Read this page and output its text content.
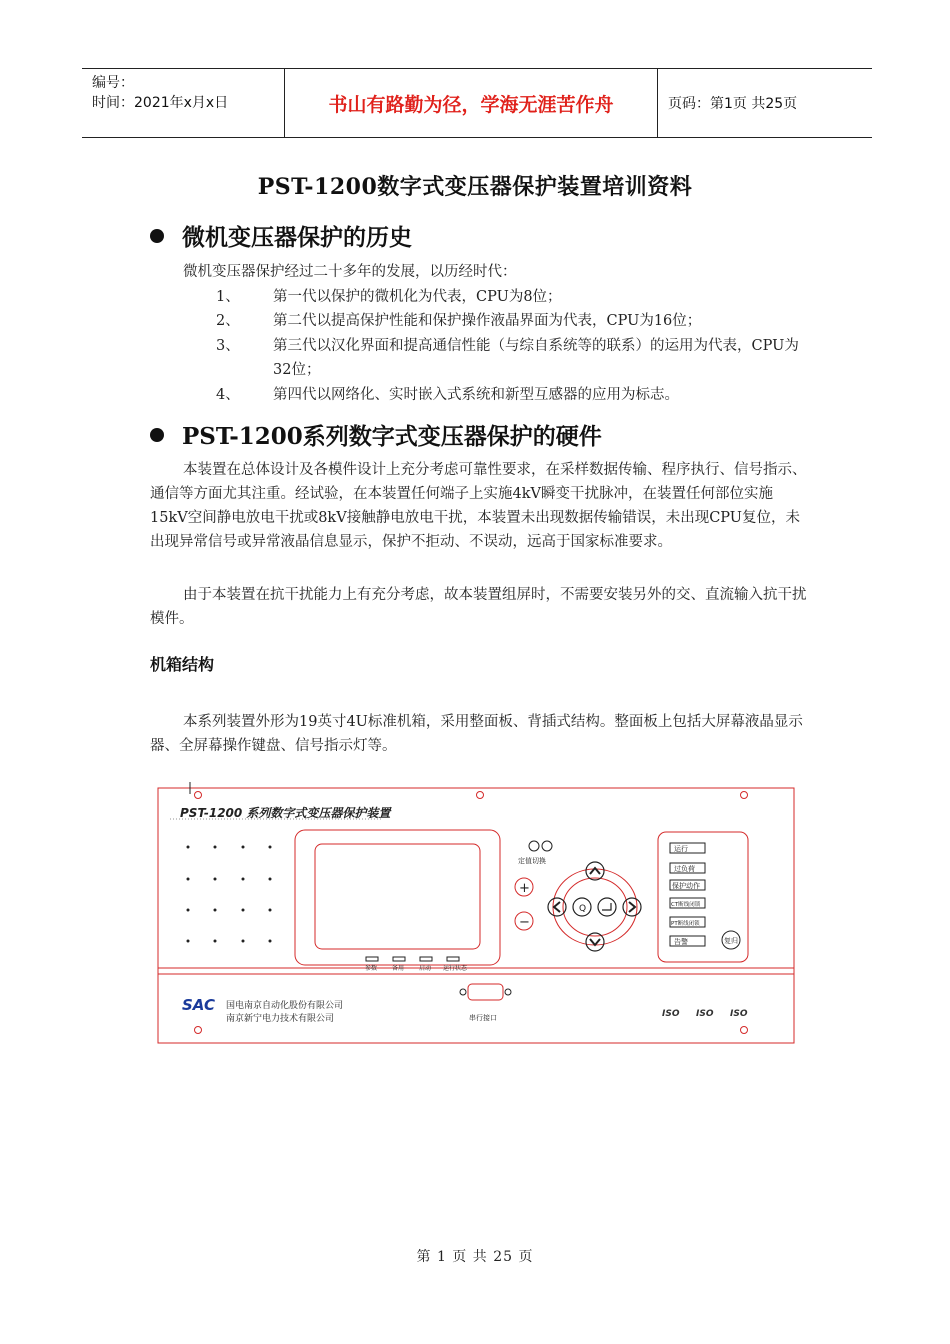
编号：
时间：2021年x月x日	书山有路勤为径，学海无涯苦作舟	页码：第1页 共25页
PST-1200数字式变压器保护装置培训资料
微机变压器保护的历史
微机变压器保护经过二十多年的发展，以历经时代：
1、 第一代以保护的微机化为代表，CPU为8位；
2、 第二代以提高保护性能和保护操作液晶界面为代表，CPU为16位；
3、 第三代以汉化界面和提高通信性能（与综自系统等的联系）的运用为代表，CPU为32位；
4、 第四代以网络化、实时嵌入式系统和新型互感器的应用为标志。
PST-1200系列数字式变压器保护的硬件
本装置在总体设计及各模件设计上充分考虑可靠性要求，在采样数据传输、程序执行、信号指示、通信等方面尤其注重。经试验，在本装置任何端子上实施4kV瞬变干扰脉冲，在装置任何部位实施15kV空间静电放电干扰或8kV接触静电放电干扰，本装置未出现数据传输错误，未出现CPU复位，未出现异常信号或异常液晶信息显示，保护不拒动、不误动，远高于国家标准要求。
由于本装置在抗干扰能力上有充分考虑，故本装置组屏时，不需要安装另外的交、直流输入抗干扰模件。
机箱结构
本系列装置外形为19英寸4U标准机箱，采用整面板、背插式结构。整面板上包括大屏幕液晶显示器、全屏幕操作键盘、信号指示灯等。
PST-1200 系列数字式变压器保护装置
定值切换
+
−
Q
运行
过负荷
保护动作
CT断线闭锁
PT断线闭锁
告警	复归
参数 备用 启动 运行状态
串行接口
SAC 国电南京自动化股份有限公司
南京新宁电力技术有限公司	ISO ISO ISO
第 1 页 共 25 页
